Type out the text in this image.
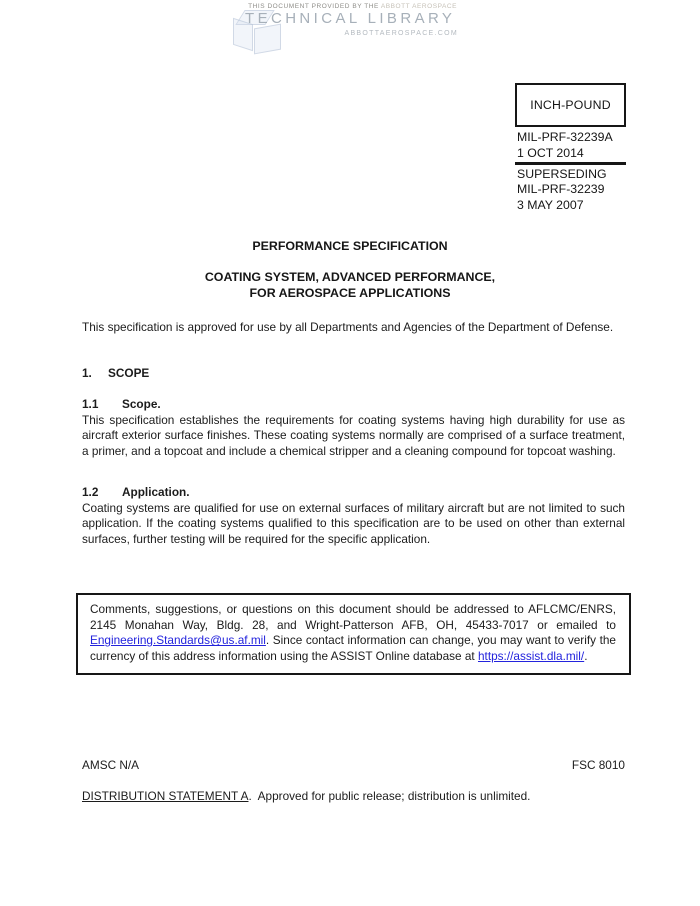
THIS DOCUMENT PROVIDED BY THE ABBOTT AEROSPACE
TECHNICAL LIBRARY
ABBOTTAEROSPACE.COM
INCH-POUND
MIL-PRF-32239A
1 OCT 2014
SUPERSEDING
MIL-PRF-32239
3 MAY 2007
PERFORMANCE SPECIFICATION
COATING SYSTEM, ADVANCED PERFORMANCE,
FOR AEROSPACE APPLICATIONS
This specification is approved for use by all Departments and Agencies of the Department of Defense.
1. SCOPE
1.1 Scope.
This specification establishes the requirements for coating systems having high durability for use as aircraft exterior surface finishes. These coating systems normally are comprised of a surface treatment, a primer, and a topcoat and include a chemical stripper and a cleaning compound for topcoat washing.
1.2 Application.
Coating systems are qualified for use on external surfaces of military aircraft but are not limited to such application. If the coating systems qualified to this specification are to be used on other than external surfaces, further testing will be required for the specific application.
Comments, suggestions, or questions on this document should be addressed to AFLCMC/ENRS, 2145 Monahan Way, Bldg. 28, and Wright-Patterson AFB, OH, 45433-7017 or emailed to Engineering.Standards@us.af.mil. Since contact information can change, you may want to verify the currency of this address information using the ASSIST Online database at https://assist.dla.mil/.
AMSC N/A	FSC 8010
DISTRIBUTION STATEMENT A.  Approved for public release; distribution is unlimited.
